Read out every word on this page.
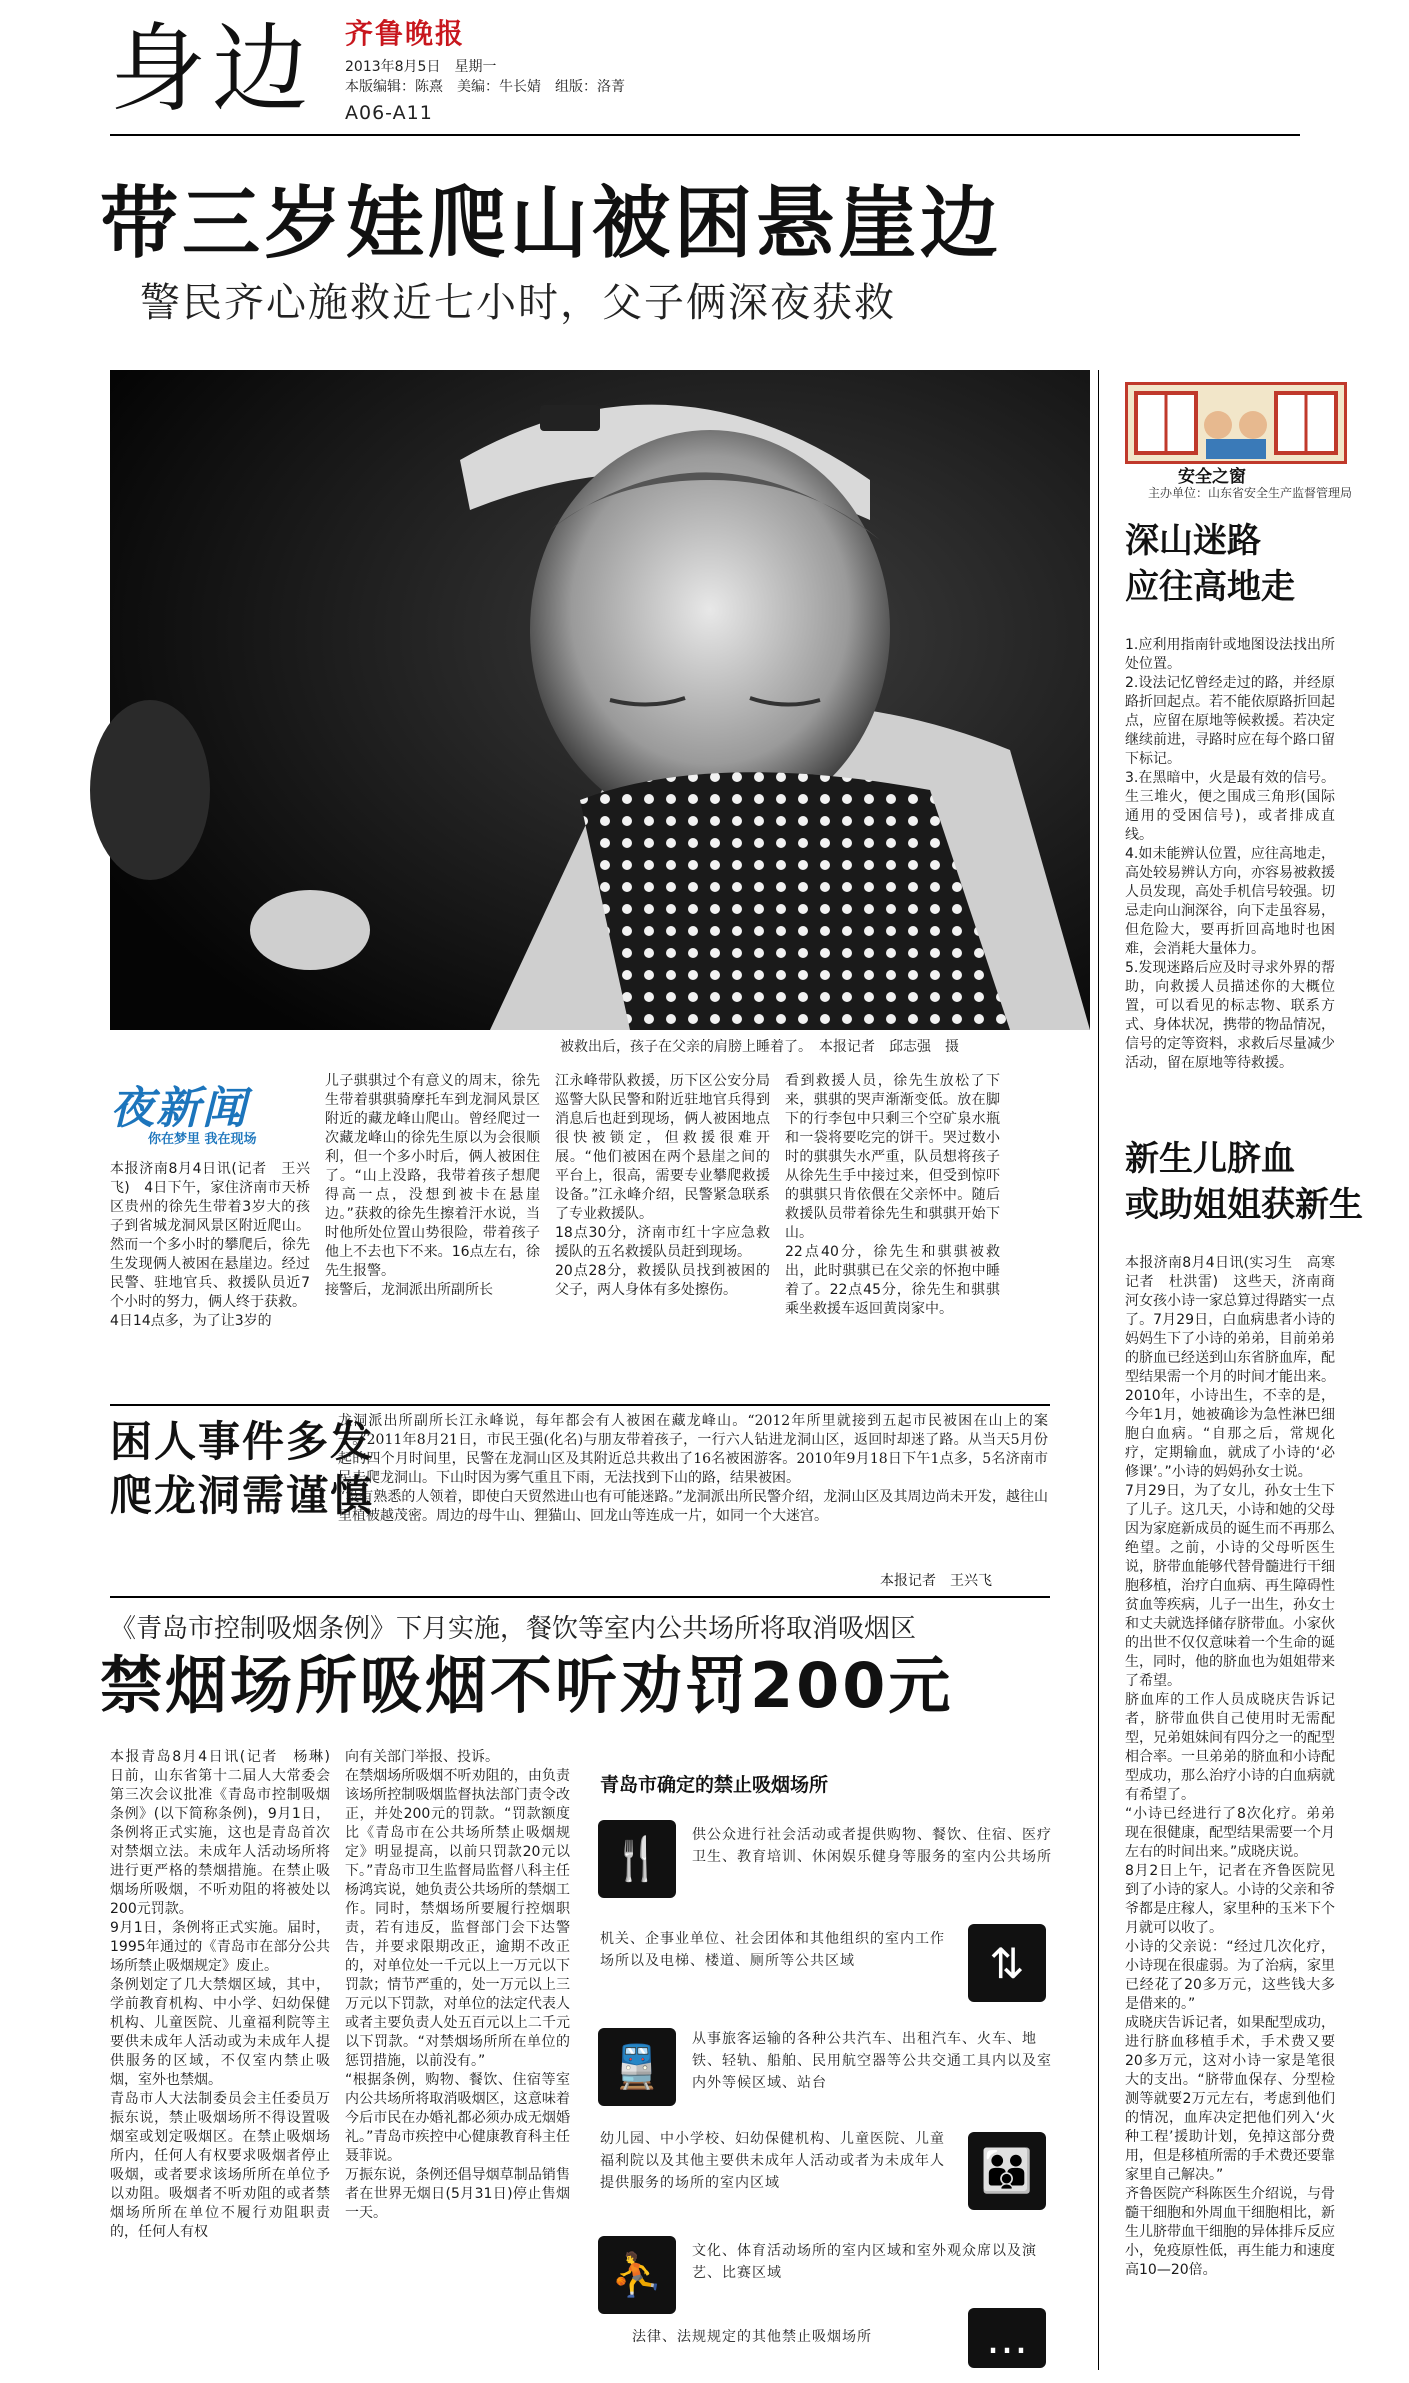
身边 齐鲁晚报
2013年8月5日　星期一
本版编辑：陈熹　美编：牛长婧　组版：洛菁
A06-A11
带三岁娃爬山被困悬崖边
警民齐心施救近七小时，父子俩深夜获救
被救出后，孩子在父亲的肩膀上睡着了。　本报记者　邱志强　摄
夜新闻
你在梦里 我在现场
本报济南8月4日讯(记者　王兴飞)　4日下午，家住济南市天桥区贵州的徐先生带着3岁大的孩子到省城龙洞风景区附近爬山。然而一个多小时的攀爬后，徐先生发现俩人被困在悬崖边。经过民警、驻地官兵、救援队员近7个小时的努力，俩人终于获救。
4日14点多，为了让3岁的
儿子骐骐过个有意义的周末，徐先生带着骐骐骑摩托车到龙洞风景区附近的藏龙峰山爬山。曾经爬过一次藏龙峰山的徐先生原以为会很顺利，但一个多小时后，俩人被困住了。“山上没路，我带着孩子想爬得高一点，没想到被卡在悬崖边。”获救的徐先生擦着汗水说，当时他所处位置山势很险，带着孩子他上不去也下不来。16点左右，徐先生报警。
接警后，龙洞派出所副所长
江永峰带队救援，历下区公安分局巡警大队民警和附近驻地官兵得到消息后也赶到现场，俩人被困地点很快被锁定，但救援很难开展。“他们被困在两个悬崖之间的平台上，很高，需要专业攀爬救援设备。”江永峰介绍，民警紧急联系了专业救援队。
18点30分，济南市红十字应急救援队的五名救援队员赶到现场。
20点28分，救援队员找到被困的父子，两人身体有多处擦伤。
看到救援人员，徐先生放松了下来，骐骐的哭声渐渐变低。放在脚下的行李包中只剩三个空矿泉水瓶和一袋将要吃完的饼干。哭过数小时的骐骐失水严重，队员想将孩子从徐先生手中接过来，但受到惊吓的骐骐只肯依偎在父亲怀中。随后救援队员带着徐先生和骐骐开始下山。
22点40分，徐先生和骐骐被救出，此时骐骐已在父亲的怀抱中睡着了。22点45分，徐先生和骐骐乘坐救援车返回黄岗家中。
困人事件多发
爬龙洞需谨慎
龙洞派出所副所长江永峰说，每年都会有人被困在藏龙峰山。“2012年所里就接到五起市民被困在山上的案子。”2011年8月21日，市民王强(化名)与朋友带着孩子，一行六人钻进龙洞山区，返回时却迷了路。从当天5月份起的四个月时间里，民警在龙洞山区及其附近总共救出了16名被困游客。2010年9月18日下午1点多，5名济南市民去爬龙洞山。下山时因为雾气重且下雨，无法找到下山的路，结果被困。
“没有熟悉的人领着，即使白天贸然进山也有可能迷路。”龙洞派出所民警介绍，龙洞山区及其周边尚未开发，越往山里植被越茂密。周边的母牛山、狸猫山、回龙山等连成一片，如同一个大迷宫。
本报记者　王兴飞
《青岛市控制吸烟条例》下月实施，餐饮等室内公共场所将取消吸烟区
禁烟场所吸烟不听劝罚200元
本报青岛8月4日讯(记者　杨琳)　日前，山东省第十二届人大常委会第三次会议批准《青岛市控制吸烟条例》(以下简称条例)，9月1日，条例将正式实施，这也是青岛首次对禁烟立法。未成年人活动场所将进行更严格的禁烟措施。在禁止吸烟场所吸烟，不听劝阻的将被处以200元罚款。
9月1日，条例将正式实施。届时，1995年通过的《青岛市在部分公共场所禁止吸烟规定》废止。
条例划定了几大禁烟区域，其中，学前教育机构、中小学、妇幼保健机构、儿童医院、儿童福利院等主要供未成年人活动或为未成年人提供服务的区域，不仅室内禁止吸烟，室外也禁烟。
青岛市人大法制委员会主任委员万振东说，禁止吸烟场所不得设置吸烟室或划定吸烟区。在禁止吸烟场所内，任何人有权要求吸烟者停止吸烟，或者要求该场所所在单位予以劝阻。吸烟者不听劝阻的或者禁烟场所所在单位不履行劝阻职责的，任何人有权
向有关部门举报、投诉。
在禁烟场所吸烟不听劝阻的，由负责该场所控制吸烟监督执法部门责令改正，并处200元的罚款。“罚款额度比《青岛市在公共场所禁止吸烟规定》明显提高，以前只罚款20元以下。”青岛市卫生监督局监督八科主任杨鸿宾说，她负责公共场所的禁烟工作。同时，禁烟场所要履行控烟职责，若有违反，监督部门会下达警告，并要求限期改正，逾期不改正的，对单位处一千元以上一万元以下罚款；情节严重的，处一万元以上三万元以下罚款，对单位的法定代表人或者主要负责人处五百元以上二千元以下罚款。“对禁烟场所所在单位的惩罚措施，以前没有。”
“根据条例，购物、餐饮、住宿等室内公共场所将取消吸烟区，这意味着今后市民在办婚礼都必须办成无烟婚礼。”青岛市疾控中心健康教育科主任聂菲说。
万振东说，条例还倡导烟草制品销售者在世界无烟日(5月31日)停止售烟一天。
青岛市确定的禁止吸烟场所
🍴	供公众进行社会活动或者提供购物、餐饮、住宿、医疗卫生、教育培训、休闲娱乐健身等服务的室内公共场所
机关、企事业单位、社会团体和其他组织的室内工作场所以及电梯、楼道、厕所等公共区域	⇅
🚆
从事旅客运输的各种公共汽车、出租汽车、火车、地铁、轻轨、船舶、民用航空器等公共交通工具内以及室内外等候区域、站台
幼儿园、中小学校、妇幼保健机构、儿童医院、儿童福利院以及其他主要供未成年人活动或者为未成年人提供服务的场所的室内区域	👪
⛹	文化、体育活动场所的室内区域和室外观众席以及演艺、比赛区域
法律、法规规定的其他禁止吸烟场所	…
安全之窗
主办单位：山东省安全生产监督管理局
深山迷路
应往高地走
1.应利用指南针或地图设法找出所处位置。
2.设法记忆曾经走过的路，并经原路折回起点。若不能依原路折回起点，应留在原地等候救援。若决定继续前进，寻路时应在每个路口留下标记。
3.在黑暗中，火是最有效的信号。生三堆火，便之围成三角形(国际通用的受困信号)，或者排成直线。
4.如未能辨认位置，应往高地走，高处较易辨认方向，亦容易被救援人员发现，高处手机信号较强。切忌走向山涧深谷，向下走虽容易，但危险大，要再折回高地时也困难，会消耗大量体力。
5.发现迷路后应及时寻求外界的帮助，向救援人员描述你的大概位置，可以看见的标志物、联系方式、身体状况，携带的物品情况，信号的定等资料，求救后尽量减少活动，留在原地等待救援。
新生儿脐血
或助姐姐获新生
本报济南8月4日讯(实习生　高寒　记者　杜洪雷)　这些天，济南商河女孩小诗一家总算过得踏实一点了。7月29日，白血病患者小诗的妈妈生下了小诗的弟弟，目前弟弟的脐血已经送到山东省脐血库，配型结果需一个月的时间才能出来。
2010年，小诗出生，不幸的是，今年1月，她被确诊为急性淋巴细胞白血病。“自那之后，常规化疗，定期输血，就成了小诗的‘必修课’。”小诗的妈妈孙女士说。
7月29日，为了女儿，孙女士生下了儿子。这几天，小诗和她的父母因为家庭新成员的诞生而不再那么绝望。之前，小诗的父母听医生说，脐带血能够代替骨髓进行干细胞移植，治疗白血病、再生障碍性贫血等疾病，儿子一出生，孙女士和丈夫就选择储存脐带血。小家伙的出世不仅仅意味着一个生命的诞生，同时，他的脐血也为姐姐带来了希望。
脐血库的工作人员成晓庆告诉记者，脐带血供自己使用时无需配型，兄弟姐妹间有四分之一的配型相合率。一旦弟弟的脐血和小诗配型成功，那么治疗小诗的白血病就有希望了。
“小诗已经进行了8次化疗。弟弟现在很健康，配型结果需要一个月左右的时间出来。”成晓庆说。
8月2日上午，记者在齐鲁医院见到了小诗的家人。小诗的父亲和爷爷都是庄稼人，家里种的玉米下个月就可以收了。
小诗的父亲说：“经过几次化疗，小诗现在很虚弱。为了治病，家里已经花了20多万元，这些钱大多是借来的。”
成晓庆告诉记者，如果配型成功，进行脐血移植手术，手术费又要20多万元，这对小诗一家是笔很大的支出。“脐带血保存、分型检测等就要2万元左右，考虑到他们的情况，血库决定把他们列入‘火种工程’援助计划，免掉这部分费用，但是移植所需的手术费还要靠家里自己解决。”
齐鲁医院产科陈医生介绍说，与骨髓干细胞和外周血干细胞相比，新生儿脐带血干细胞的异体排斥反应小，免疫原性低，再生能力和速度高10—20倍。
